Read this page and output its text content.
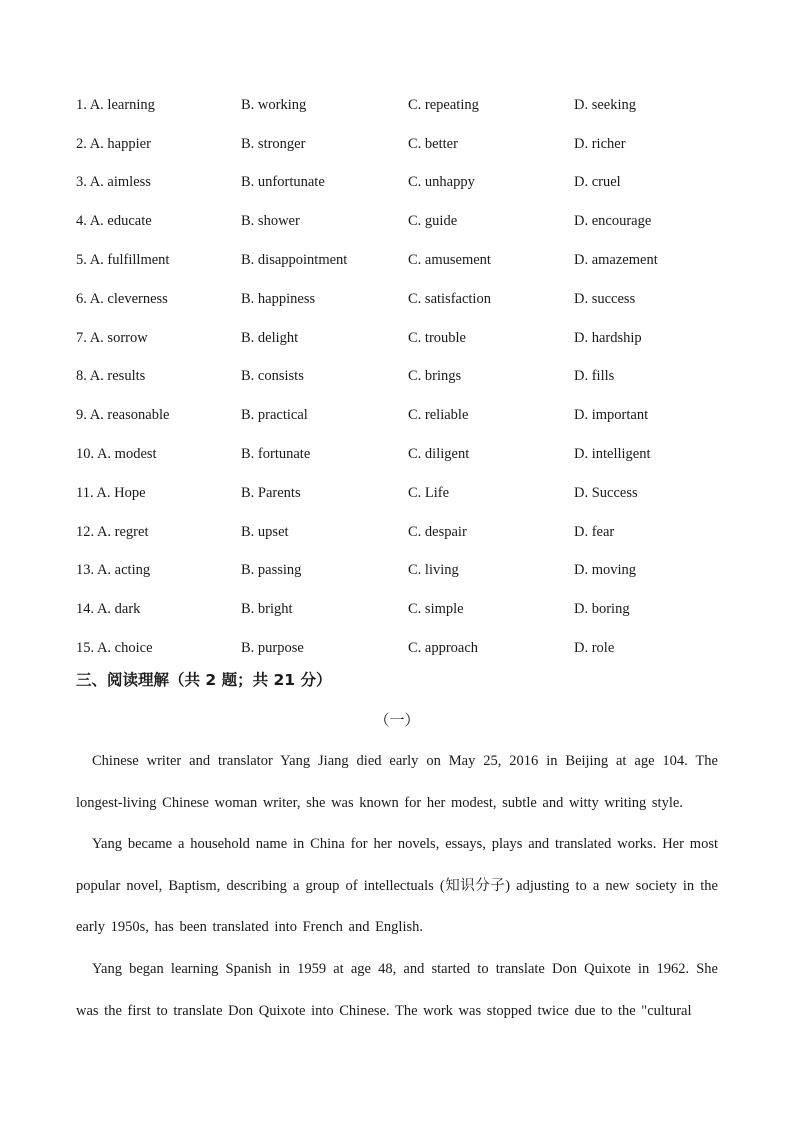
1. A. learning	B. working	C. repeating	D. seeking
2. A. happier	B. stronger	C. better	D. richer
3. A. aimless	B. unfortunate	C. unhappy	D. cruel
4. A. educate	B. shower	C. guide	D. encourage
5. A. fulfillment	B. disappointment	C. amusement	D. amazement
6. A. cleverness	B. happiness	C. satisfaction	D. success
7. A. sorrow	B. delight	C. trouble	D. hardship
8. A. results	B. consists	C. brings	D. fills
9. A. reasonable	B. practical	C. reliable	D. important
10. A. modest	B. fortunate	C. diligent	D. intelligent
11. A. Hope	B. Parents	C. Life	D. Success
12. A. regret	B. upset	C. despair	D. fear
13. A. acting	B. passing	C. living	D. moving
14. A. dark	B. bright	C. simple	D. boring
15. A. choice	B. purpose	C. approach	D. role
三、阅读理解（共 2 题；共 21 分）
（一）

Chinese writer and translator Yang Jiang died early on May 25, 2016 in Beijing at age 104. The longest-living Chinese woman writer, she was known for her modest, subtle and witty writing style.

Yang became a household name in China for her novels, essays, plays and translated works. Her most popular novel, Baptism, describing a group of intellectuals (知识分子) adjusting to a new society in the early 1950s, has been translated into French and English.

Yang began learning Spanish in 1959 at age 48, and started to translate Don Quixote in 1962. She was the first to translate Don Quixote into Chinese. The work was stopped twice due to the "cultural
